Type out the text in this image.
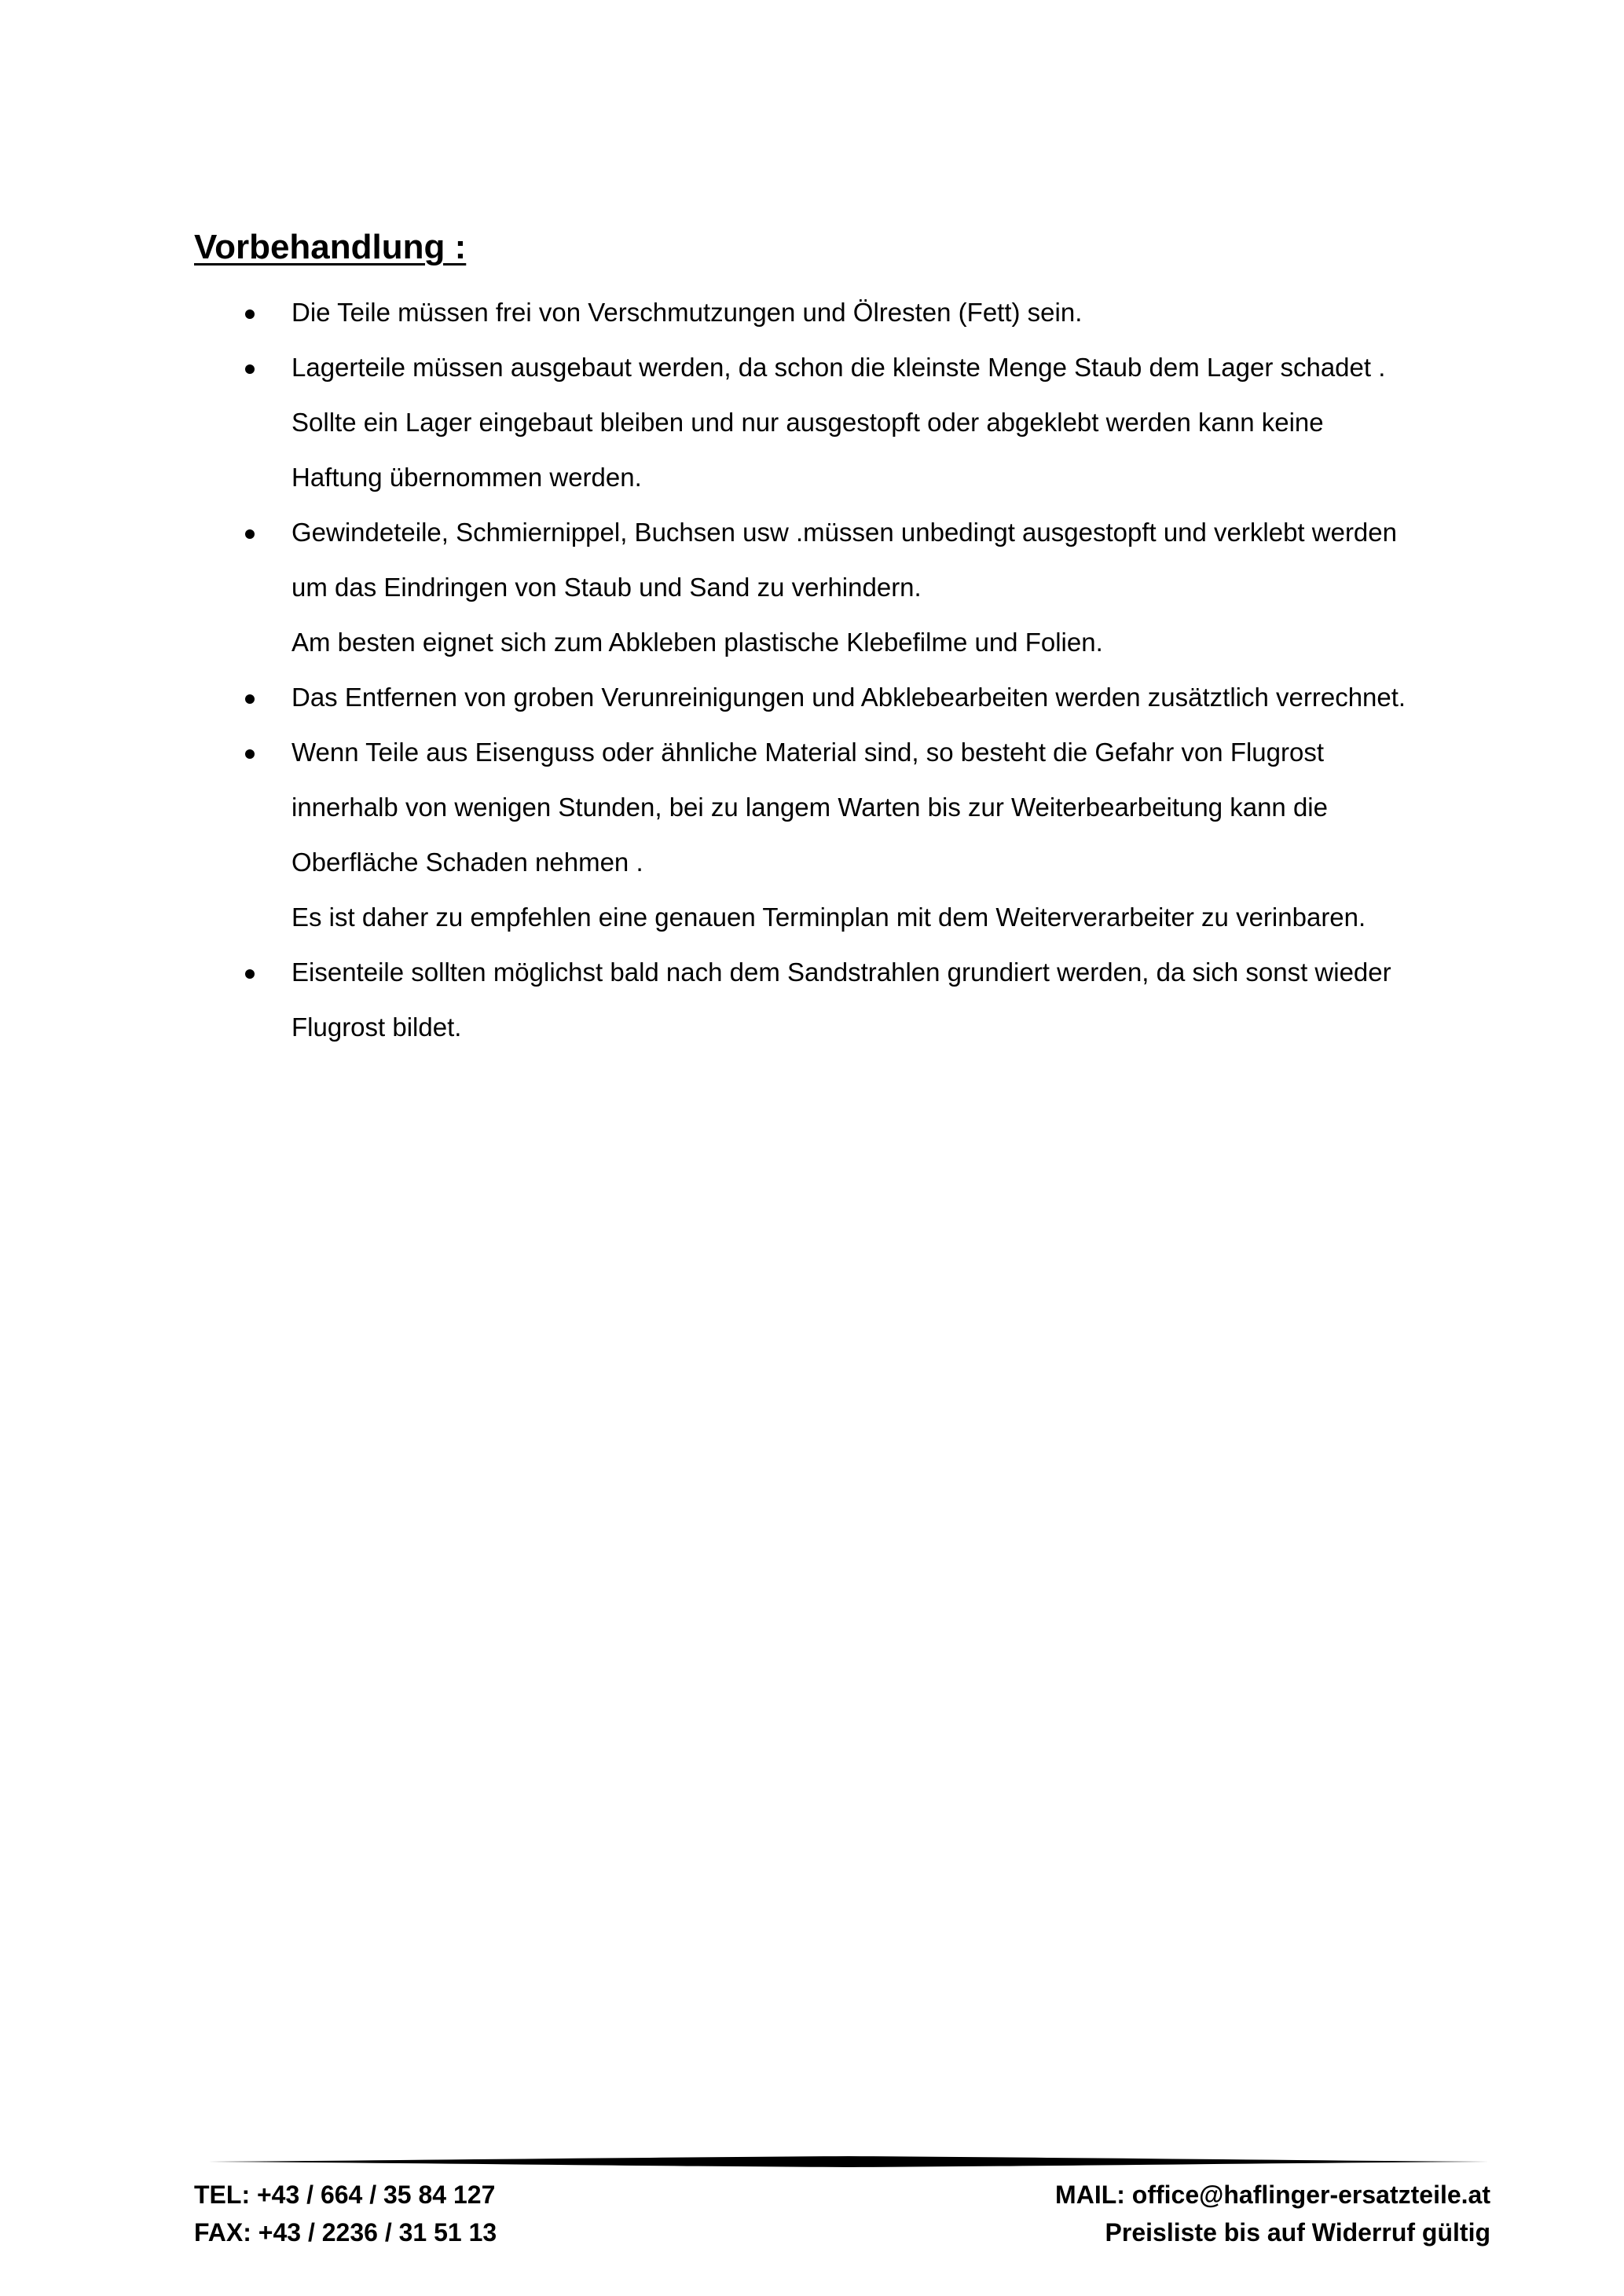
Vorbehandlung :
Die Teile müssen frei von Verschmutzungen und Ölresten (Fett) sein.
Lagerteile müssen ausgebaut werden, da schon die kleinste Menge Staub dem Lager schadet .
Sollte ein Lager eingebaut bleiben und nur ausgestopft oder abgeklebt werden kann keine
Haftung übernommen werden.
Gewindeteile, Schmiernippel, Buchsen usw .müssen unbedingt ausgestopft und verklebt werden
um das Eindringen von Staub und Sand zu verhindern.
Am besten eignet sich zum Abkleben plastische Klebefilme und Folien.
Das Entfernen von groben Verunreinigungen und Abklebearbeiten werden zusätztlich verrechnet.
Wenn Teile aus Eisenguss oder ähnliche Material sind, so besteht die Gefahr von Flugrost
innerhalb von wenigen Stunden, bei zu langem Warten bis zur Weiterbearbeitung kann die
Oberfläche Schaden nehmen .
Es ist daher zu empfehlen eine genauen Terminplan mit dem Weiterverarbeiter zu verinbaren.
Eisenteile sollten möglichst bald nach dem Sandstrahlen grundiert werden, da sich sonst wieder
Flugrost bildet.
TEL: +43 / 664 / 35 84 127
FAX: +43 / 2236 / 31 51 13
MAIL: office@haflinger-ersatzteile.at
Preisliste bis auf Widerruf gültig
